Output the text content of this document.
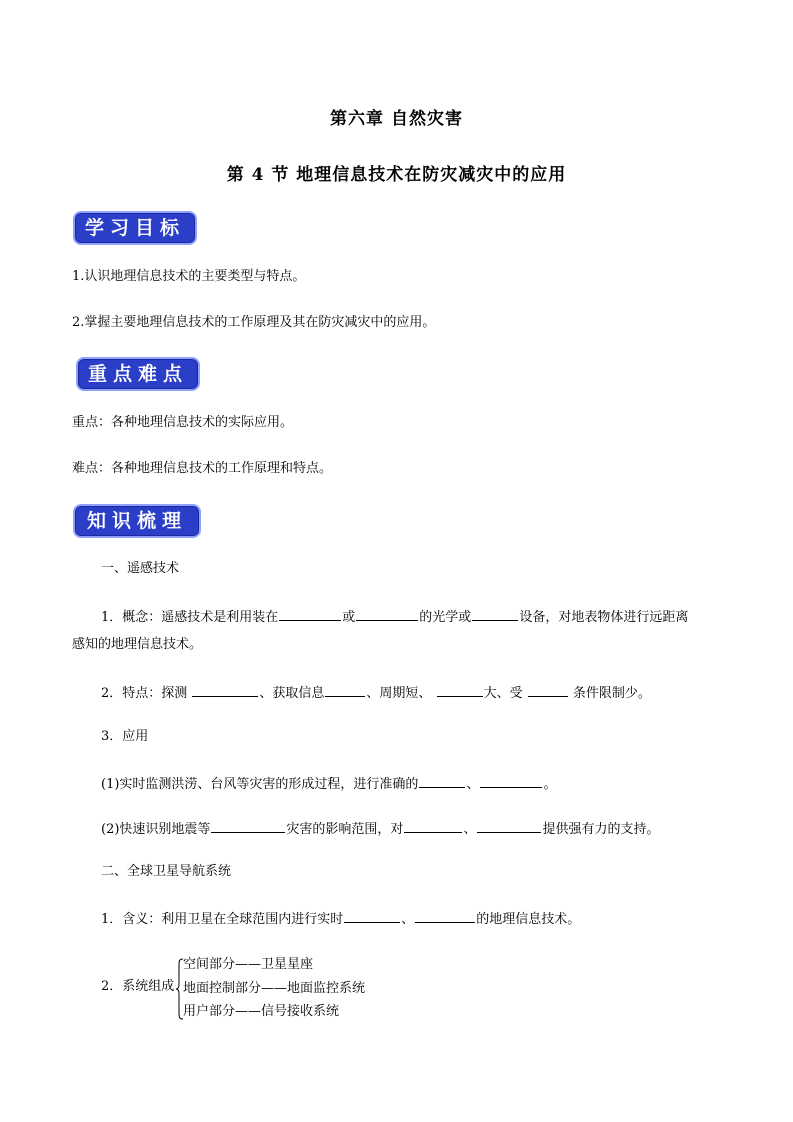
第六章 自然灾害
第 4 节 地理信息技术在防灾减灾中的应用
学习目标
1.认识地理信息技术的主要类型与特点。
2.掌握主要地理信息技术的工作原理及其在防灾减灾中的应用。
重点难点
重点：各种地理信息技术的实际应用。
难点：各种地理信息技术的工作原理和特点。
知识梳理
一、遥感技术
1．概念：遥感技术是利用装在	或	的光学或	设备，对地表物体进行远距离
感知的地理信息技术。
2．特点：探测	、获取信息	、周期短、	大、受	条件限制少。
3．应用
(1)实时监测洪涝、台风等灾害的形成过程，进行准确的	、	。
(2)快速识别地震等	灾害的影响范围，对	、	提供强有力的支持。
二、全球卫星导航系统
1．含义：利用卫星在全球范围内进行实时	、	的地理信息技术。
2．系统组成
空间部分——卫星星座
地面控制部分——地面监控系统
用户部分——信号接收系统
